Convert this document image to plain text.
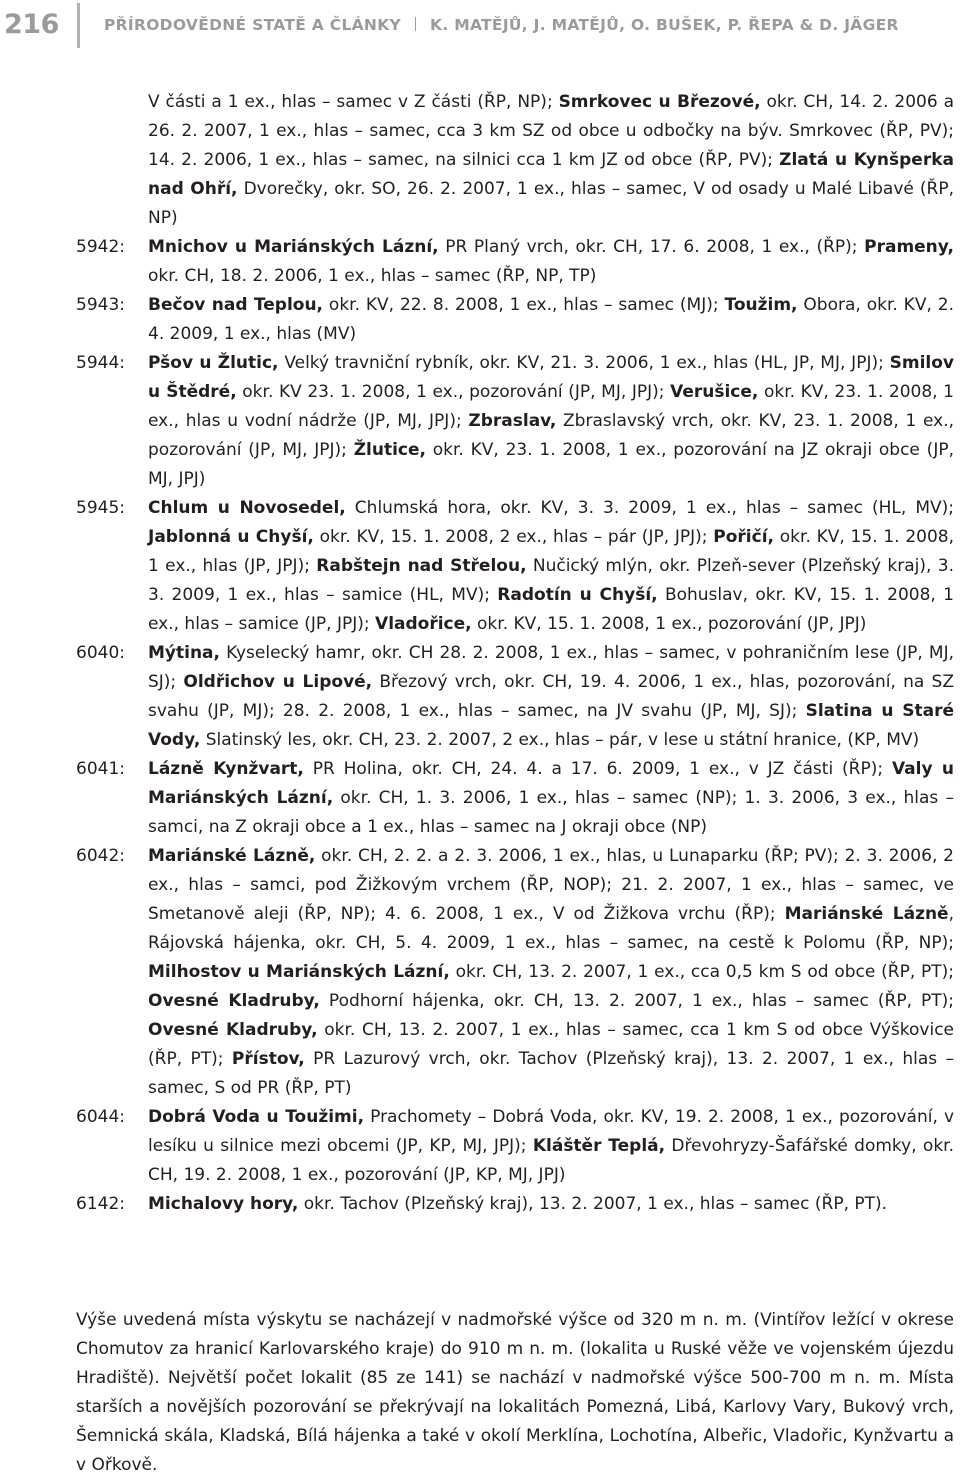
216	PŘÍRODOVĚDNÉ STATĚ A ČLÁNKY K. MATĚJŮ, J. MATĚJŮ, O. BUŠEK, P. ŘEPA & D. JÄGER
V části a 1 ex., hlas – samec v Z části (ŘP, NP); Smrkovec u Březové, okr. CH, 14. 2. 2006 a 26. 2. 2007, 1 ex., hlas – samec, cca 3 km SZ od obce u odbočky na býv. Smrkovec (ŘP, PV); 14. 2. 2006, 1 ex., hlas – samec, na silnici cca 1 km JZ od obce (ŘP, PV); Zlatá u Kynšperka nad Ohří, Dvorečky, okr. SO, 26. 2. 2007, 1 ex., hlas – samec, V od osady u Malé Libavé (ŘP, NP)
5942:	Mnichov u Mariánských Lázní, PR Planý vrch, okr. CH, 17. 6. 2008, 1 ex., (ŘP); Prameny, okr. CH, 18. 2. 2006, 1 ex., hlas – samec (ŘP, NP, TP)
5943:	Bečov nad Teplou, okr. KV, 22. 8. 2008, 1 ex., hlas – samec (MJ); Toužim, Obora, okr. KV, 2. 4. 2009, 1 ex., hlas (MV)
5944:	Pšov u Žlutic, Velký travniční rybník, okr. KV, 21. 3. 2006, 1 ex., hlas (HL, JP, MJ, JPJ); Smilov u Štědré, okr. KV 23. 1. 2008, 1 ex., pozorování (JP, MJ, JPJ); Verušice, okr. KV, 23. 1. 2008, 1 ex., hlas u vodní nádrže (JP, MJ, JPJ); Zbraslav, Zbraslavský vrch, okr. KV, 23. 1. 2008, 1 ex., pozorování (JP, MJ, JPJ); Žlutice, okr. KV, 23. 1. 2008, 1 ex., pozorování na JZ okraji obce (JP, MJ, JPJ)
5945:	Chlum u Novosedel, Chlumská hora, okr. KV, 3. 3. 2009, 1 ex., hlas – samec (HL, MV); Jablonná u Chyší, okr. KV, 15. 1. 2008, 2 ex., hlas – pár (JP, JPJ); Pořičí, okr. KV, 15. 1. 2008, 1 ex., hlas (JP, JPJ); Rabštejn nad Střelou, Nučický mlýn, okr. Plzeň-sever (Plzeňský kraj), 3. 3. 2009, 1 ex., hlas – samice (HL, MV); Radotín u Chyší, Bohuslav, okr. KV, 15. 1. 2008, 1 ex., hlas – samice (JP, JPJ); Vladořice, okr. KV, 15. 1. 2008, 1 ex., pozorování (JP, JPJ)
6040:	Mýtina, Kyselecký hamr, okr. CH 28. 2. 2008, 1 ex., hlas – samec, v pohraničním lese (JP, MJ, SJ); Oldřichov u Lipové, Březový vrch, okr. CH, 19. 4. 2006, 1 ex., hlas, pozorování, na SZ svahu (JP, MJ); 28. 2. 2008, 1 ex., hlas – samec, na JV svahu (JP, MJ, SJ); Slatina u Staré Vody, Slatinský les, okr. CH, 23. 2. 2007, 2 ex., hlas – pár, v lese u státní hranice, (KP, MV)
6041:	Lázně Kynžvart, PR Holina, okr. CH, 24. 4. a 17. 6. 2009, 1 ex., v JZ části (ŘP); Valy u Mariánských Lázní, okr. CH, 1. 3. 2006, 1 ex., hlas – samec (NP); 1. 3. 2006, 3 ex., hlas – samci, na Z okraji obce a 1 ex., hlas – samec na J okraji obce (NP)
6042:	Mariánské Lázně, okr. CH, 2. 2. a 2. 3. 2006, 1 ex., hlas, u Lunaparku (ŘP; PV); 2. 3. 2006, 2 ex., hlas – samci, pod Žižkovým vrchem (ŘP, NOP); 21. 2. 2007, 1 ex., hlas – samec, ve Smetanově aleji (ŘP, NP); 4. 6. 2008, 1 ex., V od Žižkova vrchu (ŘP); Mariánské Lázně, Rájovská hájenka, okr. CH, 5. 4. 2009, 1 ex., hlas – samec, na cestě k Polomu (ŘP, NP); Milhostov u Mariánských Lázní, okr. CH, 13. 2. 2007, 1 ex., cca 0,5 km S od obce (ŘP, PT); Ovesné Kladruby, Podhorní hájenka, okr. CH, 13. 2. 2007, 1 ex., hlas – samec (ŘP, PT); Ovesné Kladruby, okr. CH, 13. 2. 2007, 1 ex., hlas – samec, cca 1 km S od obce Výškovice (ŘP, PT); Přístov, PR Lazurový vrch, okr. Tachov (Plzeňský kraj), 13. 2. 2007, 1 ex., hlas – samec, S od PR (ŘP, PT)
6044:	Dobrá Voda u Toužimi, Prachomety – Dobrá Voda, okr. KV, 19. 2. 2008, 1 ex., pozorování, v lesíku u silnice mezi obcemi (JP, KP, MJ, JPJ); Kláštěr Teplá, Dřevohryzy-Šafářské domky, okr. CH, 19. 2. 2008, 1 ex., pozorování (JP, KP, MJ, JPJ)
6142:	Michalovy hory, okr. Tachov (Plzeňský kraj), 13. 2. 2007, 1 ex., hlas – samec (ŘP, PT).
Výše uvedená místa výskytu se nacházejí v nadmořské výšce od 320 m n. m. (Vintířov ležící v okrese Chomutov za hranicí Karlovarského kraje) do 910 m n. m. (lokalita u Ruské věže ve vojenském újezdu Hradiště). Největší počet lokalit (85 ze 141) se nachází v nadmořské výšce 500-700 m n. m. Místa starších a novějších pozorování se překrývají na lokalitách Pomezná, Libá, Karlovy Vary, Bukový vrch, Šemnická skála, Kladská, Bílá hájenka a také v okolí Merklína, Lochotína, Albeřic, Vladořic, Kynžvartu a v Ořkově.
